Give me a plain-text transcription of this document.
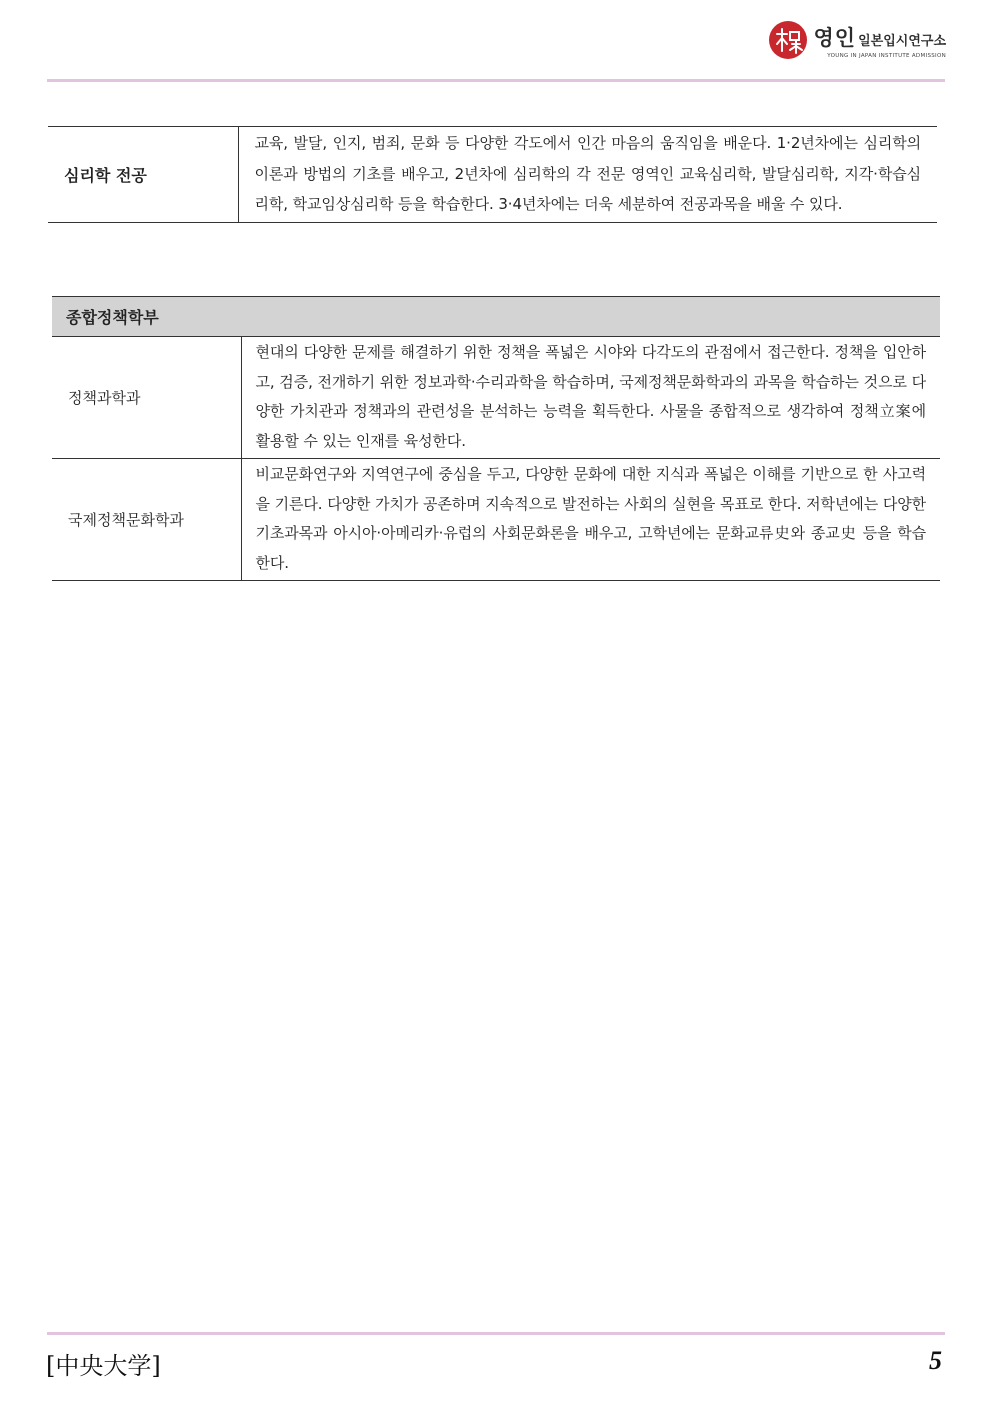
영인 일본입시연구소
YOUNG IN JAPAN INSTITUTE ADMISSION
심리학 전공	교육, 발달, 인지, 범죄, 문화 등 다양한 각도에서 인간 마음의 움직임을 배운다. 1·2년차에는 심리학의 이론과 방법의 기초를 배우고, 2년차에 심리학의 각 전문 영역인 교육심리학, 발달심리학, 지각·학습심리학, 학교임상심리학 등을 학습한다. 3·4년차에는 더욱 세분하여 전공과목을 배울 수 있다.
종합정책학부	
정책과학과	현대의 다양한 문제를 해결하기 위한 정책을 폭넓은 시야와 다각도의 관점에서 접근한다. 정책을 입안하고, 검증, 전개하기 위한 정보과학·수리과학을 학습하며, 국제정책문화학과의 과목을 학습하는 것으로 다양한 가치관과 정책과의 관련성을 분석하는 능력을 획득한다. 사물을 종합적으로 생각하여 정책立案에 활용할 수 있는 인재를 육성한다.
국제정책문화학과	비교문화연구와 지역연구에 중심을 두고, 다양한 문화에 대한 지식과 폭넓은 이해를 기반으로 한 사고력을 기른다. 다양한 가치가 공존하며 지속적으로 발전하는 사회의 실현을 목표로 한다. 저학년에는 다양한 기초과목과 아시아·아메리카·유럽의 사회문화론을 배우고, 고학년에는 문화교류史와 종교史 등을 학습한다.
[中央大学]	5
